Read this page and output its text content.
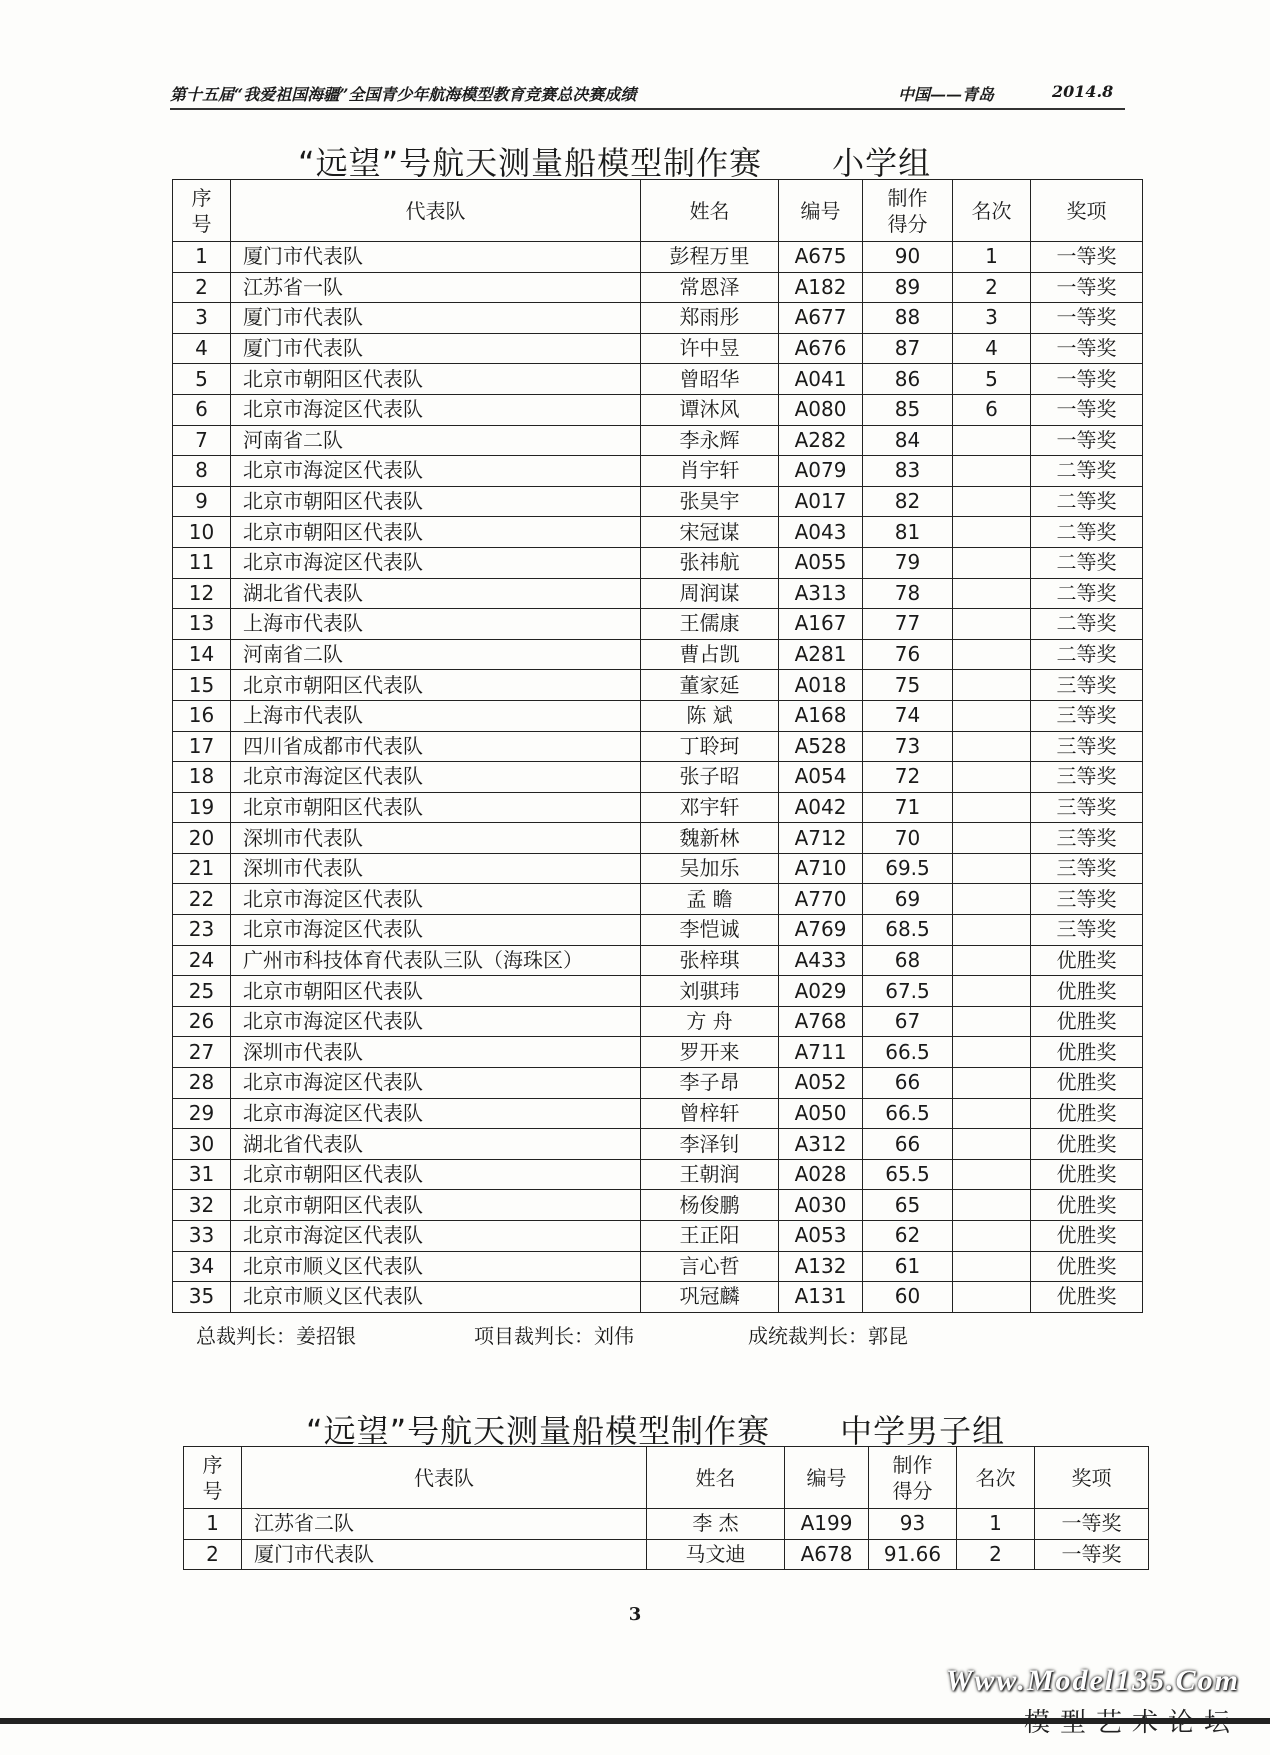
第十五届“我爱祖国海疆”全国青少年航海模型教育竞赛总决赛成绩	中国——青岛	2014.8
“远望”号航天测量船模型制作赛 小学组
序号	代表队	姓名	编号	制作得分	名次	奖项
1	厦门市代表队	彭程万里	A675	90	1	一等奖
2	江苏省一队	常恩泽	A182	89	2	一等奖
3	厦门市代表队	郑雨彤	A677	88	3	一等奖
4	厦门市代表队	许中昱	A676	87	4	一等奖
5	北京市朝阳区代表队	曾昭华	A041	86	5	一等奖
6	北京市海淀区代表队	谭沐风	A080	85	6	一等奖
7	河南省二队	李永辉	A282	84		一等奖
8	北京市海淀区代表队	肖宇轩	A079	83		二等奖
9	北京市朝阳区代表队	张昊宇	A017	82		二等奖
10	北京市朝阳区代表队	宋冠谋	A043	81		二等奖
11	北京市海淀区代表队	张祎航	A055	79		二等奖
12	湖北省代表队	周润谋	A313	78		二等奖
13	上海市代表队	王儒康	A167	77		二等奖
14	河南省二队	曹占凯	A281	76		二等奖
15	北京市朝阳区代表队	董家延	A018	75		三等奖
16	上海市代表队	陈 斌	A168	74		三等奖
17	四川省成都市代表队	丁聆珂	A528	73		三等奖
18	北京市海淀区代表队	张子昭	A054	72		三等奖
19	北京市朝阳区代表队	邓宇轩	A042	71		三等奖
20	深圳市代表队	魏新林	A712	70		三等奖
21	深圳市代表队	吴加乐	A710	69.5		三等奖
22	北京市海淀区代表队	孟 瞻	A770	69		三等奖
23	北京市海淀区代表队	李恺诚	A769	68.5		三等奖
24	广州市科技体育代表队三队（海珠区）	张梓琪	A433	68		优胜奖
25	北京市朝阳区代表队	刘骐玮	A029	67.5		优胜奖
26	北京市海淀区代表队	方 舟	A768	67		优胜奖
27	深圳市代表队	罗开来	A711	66.5		优胜奖
28	北京市海淀区代表队	李子昂	A052	66		优胜奖
29	北京市海淀区代表队	曾梓轩	A050	66.5		优胜奖
30	湖北省代表队	李泽钊	A312	66		优胜奖
31	北京市朝阳区代表队	王朝润	A028	65.5		优胜奖
32	北京市朝阳区代表队	杨俊鹏	A030	65		优胜奖
33	北京市海淀区代表队	王正阳	A053	62		优胜奖
34	北京市顺义区代表队	言心哲	A132	61		优胜奖
35	北京市顺义区代表队	巩冠麟	A131	60		优胜奖
总裁判长：姜招银	项目裁判长：刘伟	成统裁判长：郭昆
“远望”号航天测量船模型制作赛 中学男子组
序号	代表队	姓名	编号	制作得分	名次	奖项
1	江苏省二队	李 杰	A199	93	1	一等奖
2	厦门市代表队	马文迪	A678	91.66	2	一等奖
3
Www.Model135.Com
